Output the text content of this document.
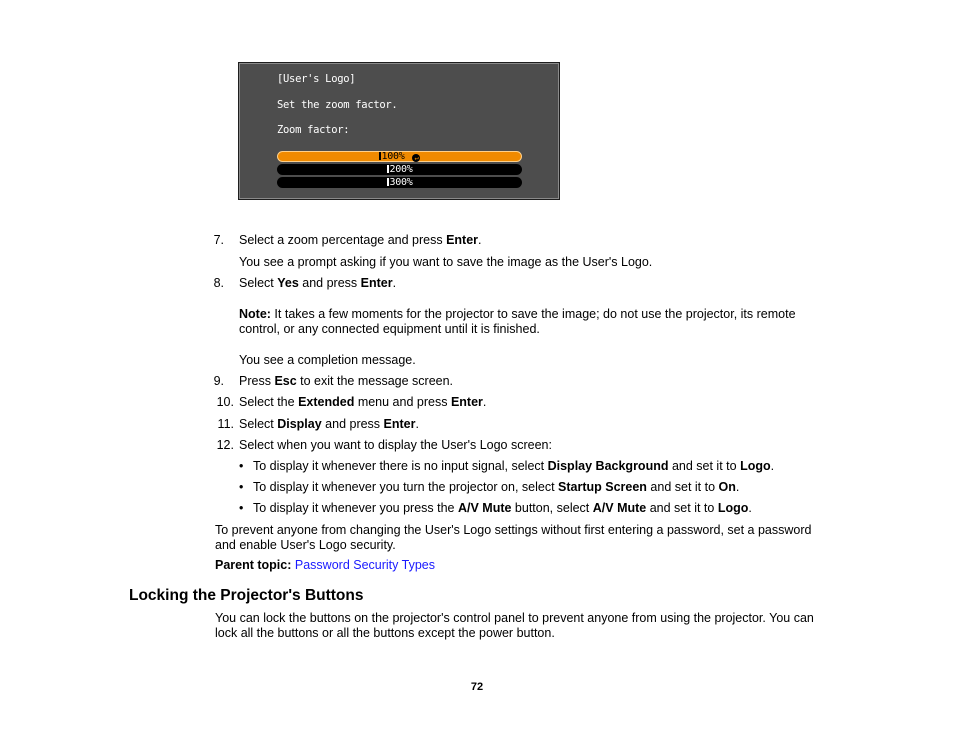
[User's Logo]
Set the zoom factor.
Zoom factor:
100% ↵
200%
300%
7. Select a zoom percentage and press Enter.
You see a prompt asking if you want to save the image as the User's Logo.
8. Select Yes and press Enter.
Note: It takes a few moments for the projector to save the image; do not use the projector, its remote control, or any connected equipment until it is finished.
You see a completion message.
9. Press Esc to exit the message screen.
10. Select the Extended menu and press Enter.
11. Select Display and press Enter.
12. Select when you want to display the User's Logo screen:
• To display it whenever there is no input signal, select Display Background and set it to Logo.
• To display it whenever you turn the projector on, select Startup Screen and set it to On.
• To display it whenever you press the A/V Mute button, select A/V Mute and set it to Logo.
To prevent anyone from changing the User's Logo settings without first entering a password, set a password and enable User's Logo security.
Parent topic: Password Security Types
Locking the Projector's Buttons
You can lock the buttons on the projector's control panel to prevent anyone from using the projector. You can lock all the buttons or all the buttons except the power button.
72
